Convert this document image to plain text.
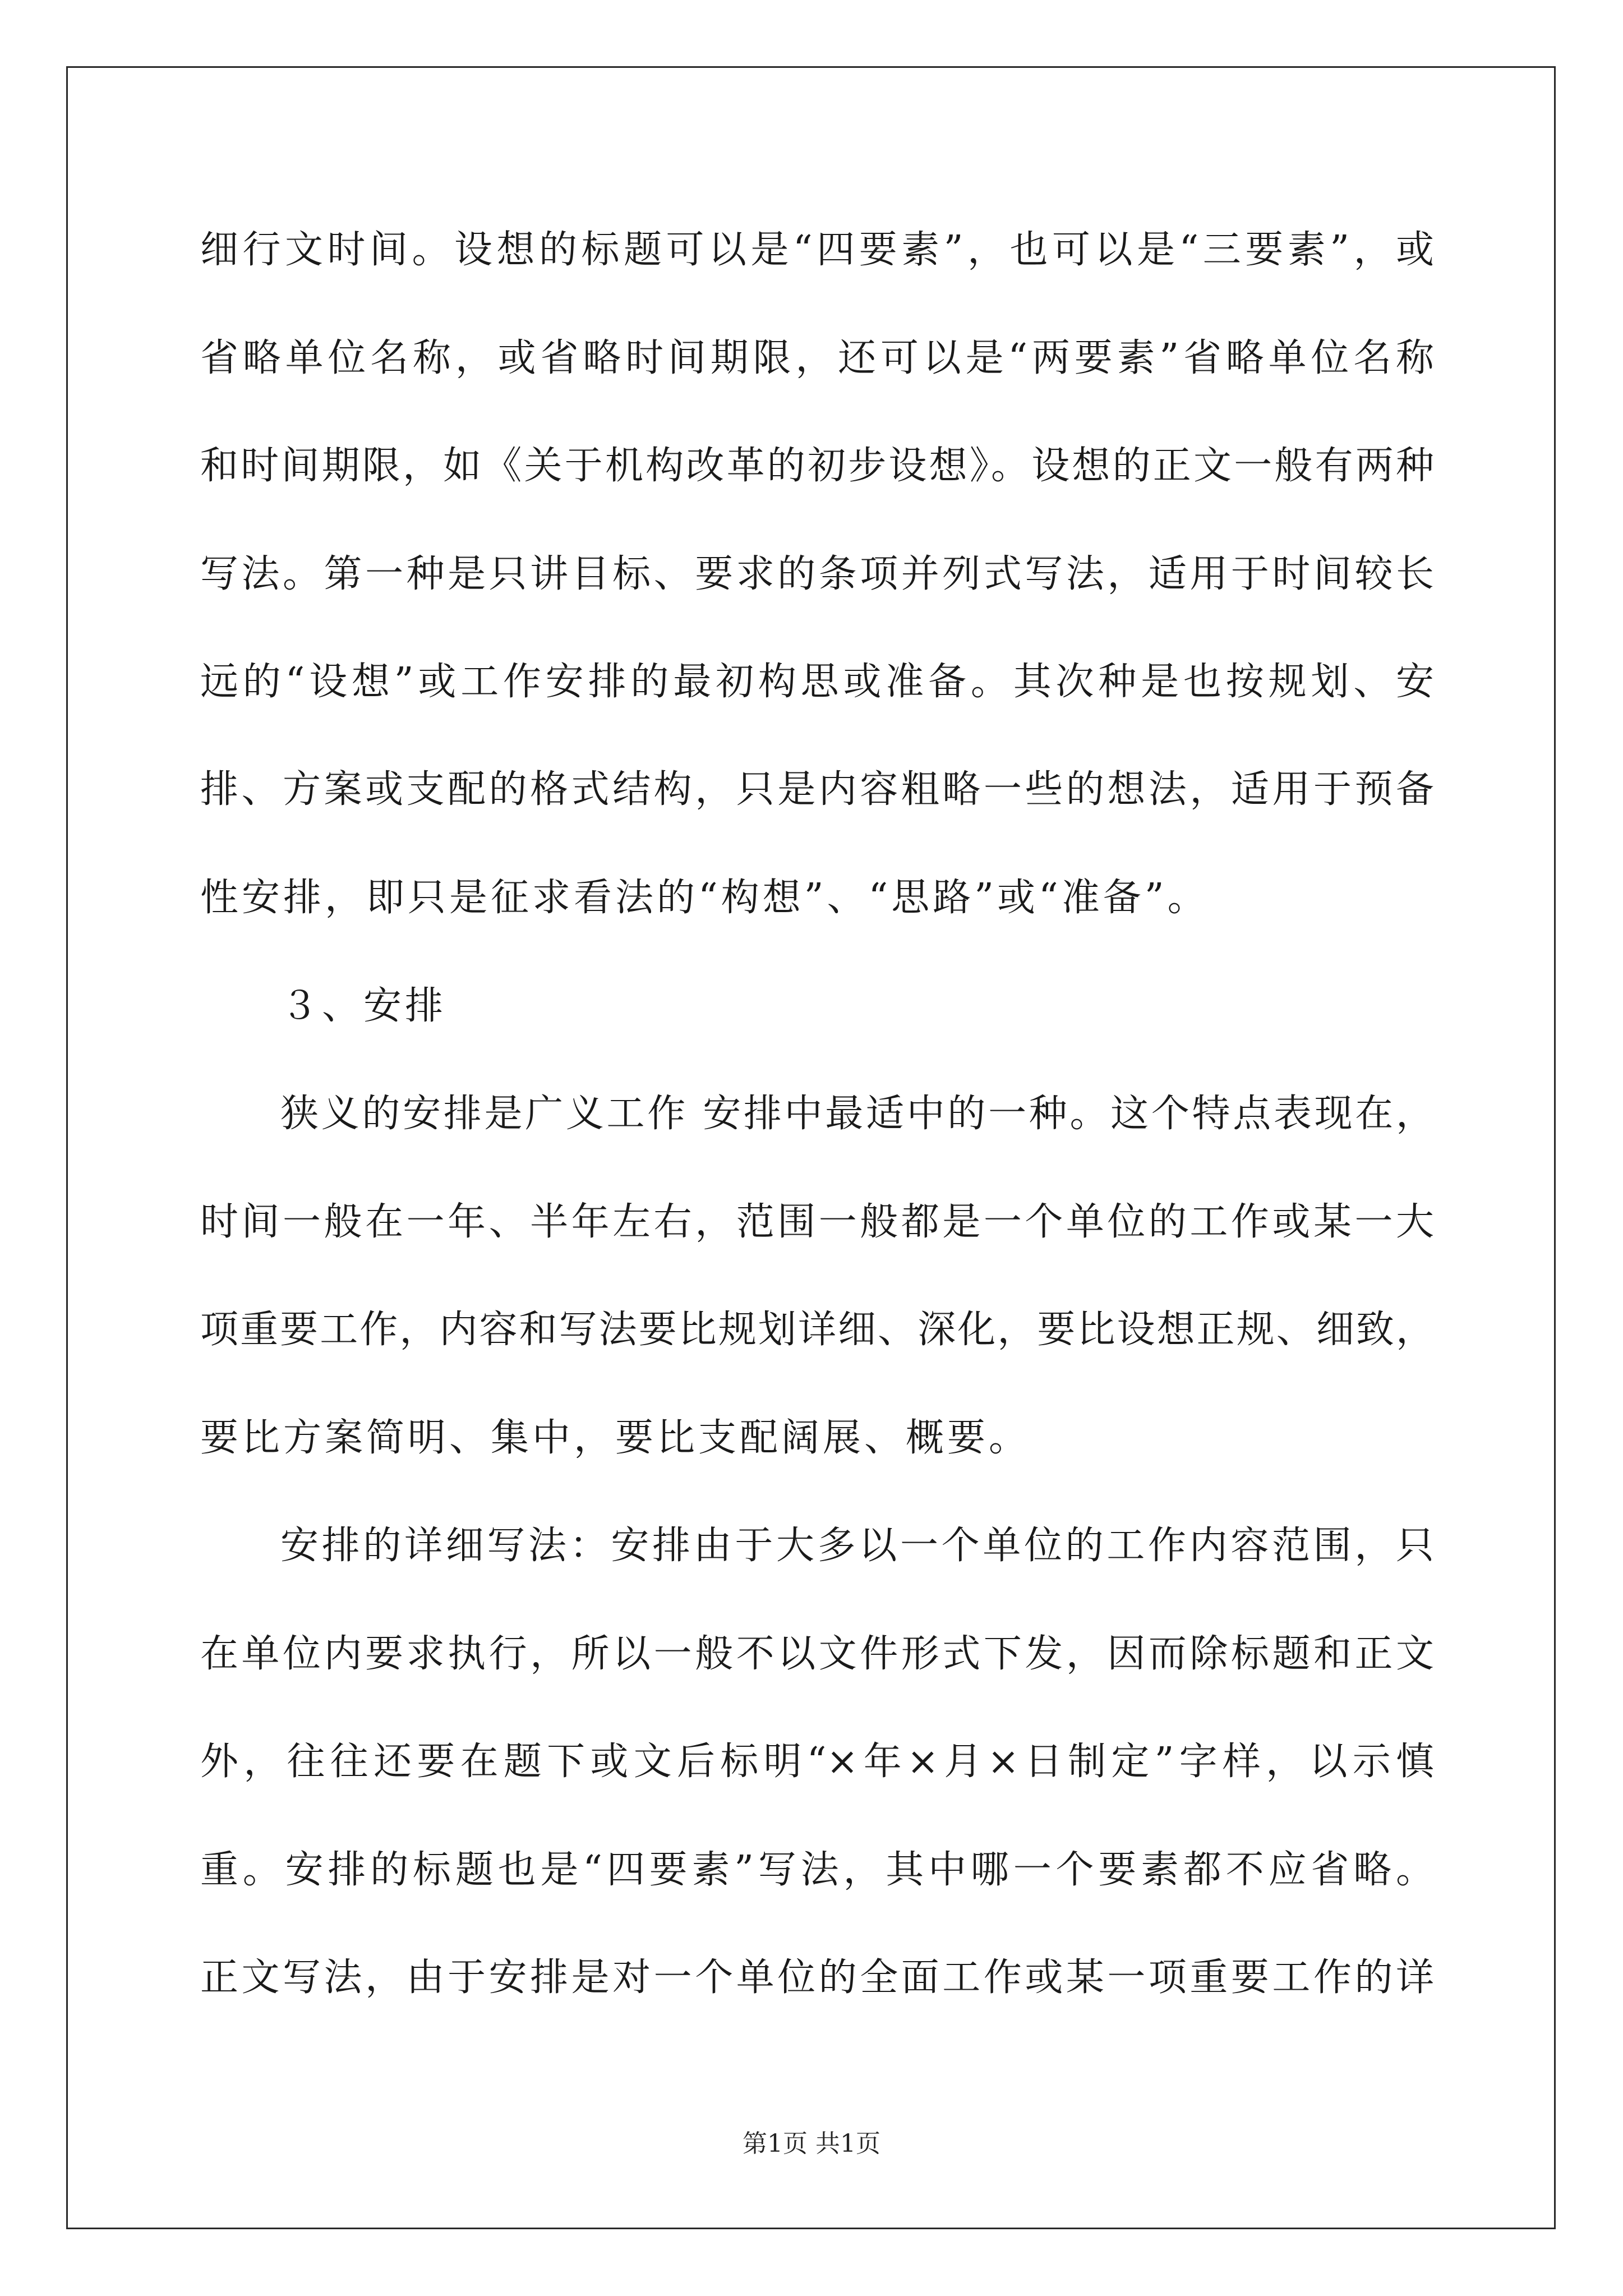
细行文时间。设想的标题可以是“四要素”，也可以是“三要素”，或
省略单位名称，或省略时间期限，还可以是“两要素”省略单位名称
和时间期限，如《关于机构改革的初步设想》。设想的正文一般有两种
写法。第一种是只讲目标、要求的条项并列式写法，适用于时间较长
远的“设想”或工作安排的最初构思或准备。其次种是也按规划、安
排、方案或支配的格式结构，只是内容粗略一些的想法，适用于预备
性安排，即只是征求看法的“构想”、“思路”或“准备”。
３、安排
狭义的安排是广义工作 安排中最适中的一种。这个特点表现在，
时间一般在一年、半年左右，范围一般都是一个单位的工作或某一大
项重要工作，内容和写法要比规划详细、深化，要比设想正规、细致，
要比方案简明、集中，要比支配阔展、概要。
安排的详细写法：安排由于大多以一个单位的工作内容范围，只
在单位内要求执行，所以一般不以文件形式下发，因而除标题和正文
外，往往还要在题下或文后标明“×年×月×日制定”字样，以示慎
重。安排的标题也是“四要素”写法，其中哪一个要素都不应省略。
正文写法，由于安排是对一个单位的全面工作或某一项重要工作的详
第1页 共1页
